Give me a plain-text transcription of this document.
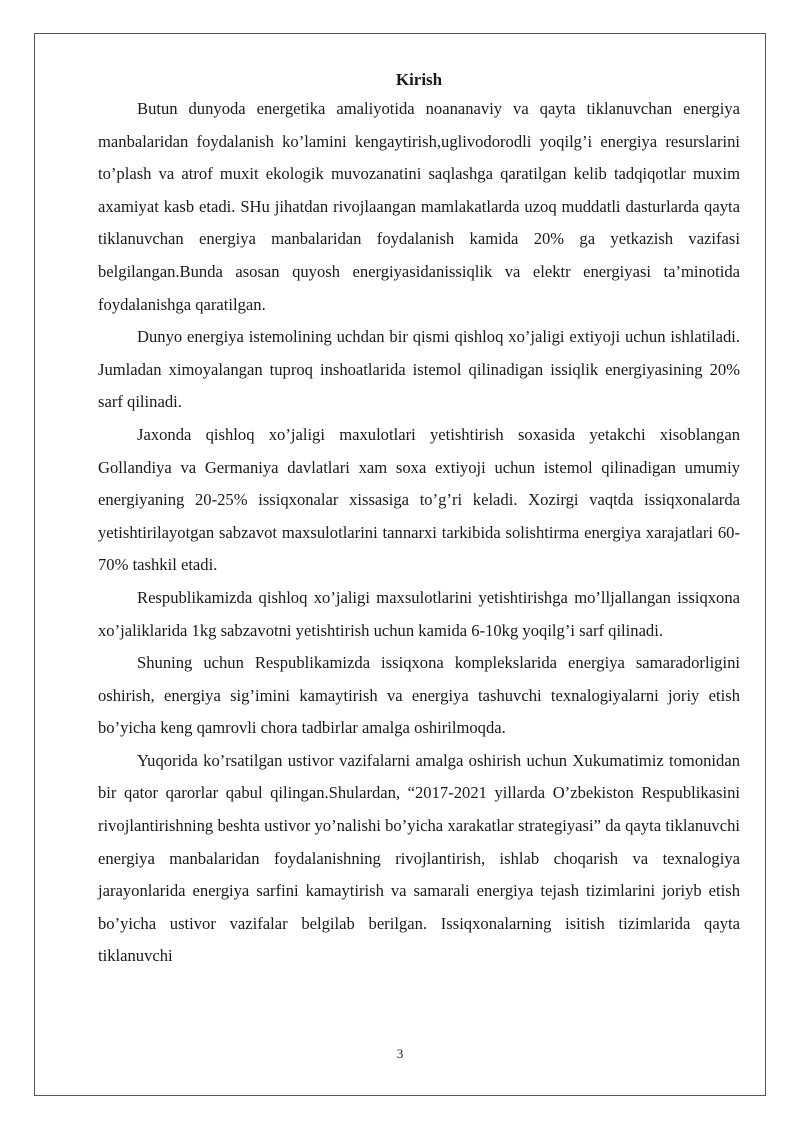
Kirish

Butun dunyoda energetika amaliyotida noananaviy va qayta tiklanuvchan energiya manbalaridan foydalanish ko’lamini kengaytirish,uglivodorodli yoqilg’i energiya resurslarini to’plash va atrof muxit ekologik muvozanatini saqlashga qaratilgan kelib tadqiqotlar muxim axamiyat kasb etadi. SHu jihatdan rivojlaangan mamlakatlarda uzoq muddatli dasturlarda qayta tiklanuvchan energiya manbalaridan foydalanish kamida 20% ga yetkazish vazifasi belgilangan.Bunda asosan quyosh energiyasidanissiqlik va elektr energiyasi ta’minotida foydalanishga qaratilgan.

Dunyo energiya istemolining uchdan bir qismi qishloq xo’jaligi extiyoji uchun ishlatiladi. Jumladan ximoyalangan tuproq inshoatlarida istemol qilinadigan issiqlik energiyasining 20% sarf qilinadi.

Jaxonda qishloq xo’jaligi maxulotlari yetishtirish soxasida yetakchi xisoblangan Gollandiya va Germaniya davlatlari xam soxa extiyoji uchun istemol qilinadigan umumiy energiyaning 20-25% issiqxonalar xissasiga to’g’ri keladi. Xozirgi vaqtda issiqxonalarda yetishtirilayotgan sabzavot maxsulotlarini tannarxi tarkibida solishtirma energiya xarajatlari 60-70% tashkil etadi.

Respublikamizda qishloq xo’jaligi maxsulotlarini yetishtirishga mo’lljallangan issiqxona xo’jaliklarida 1kg sabzavotni yetishtirish uchun kamida 6-10kg yoqilg’i sarf qilinadi.

Shuning uchun Respublikamizda issiqxona komplekslarida energiya samaradorligini oshirish, energiya sig’imini kamaytirish va energiya tashuvchi texnalogiyalarni joriy etish bo’yicha keng qamrovli chora tadbirlar amalga oshirilmoqda.

Yuqorida ko’rsatilgan ustivor vazifalarni amalga oshirish uchun Xukumatimiz tomonidan bir qator qarorlar qabul qilingan.Shulardan, “2017-2021 yillarda O’zbekiston Respublikasini rivojlantirishning beshta ustivor yo’nalishi bo’yicha xarakatlar strategiyasi” da qayta tiklanuvchi energiya manbalaridan foydalanishning rivojlantirish, ishlab choqarish va texnalogiya jarayonlarida energiya sarfini kamaytirish va samarali energiya tejash tizimlarini joriyb etish bo’yicha ustivor vazifalar belgilab berilgan. Issiqxonalarning isitish tizimlarida qayta tiklanuvchi

3
